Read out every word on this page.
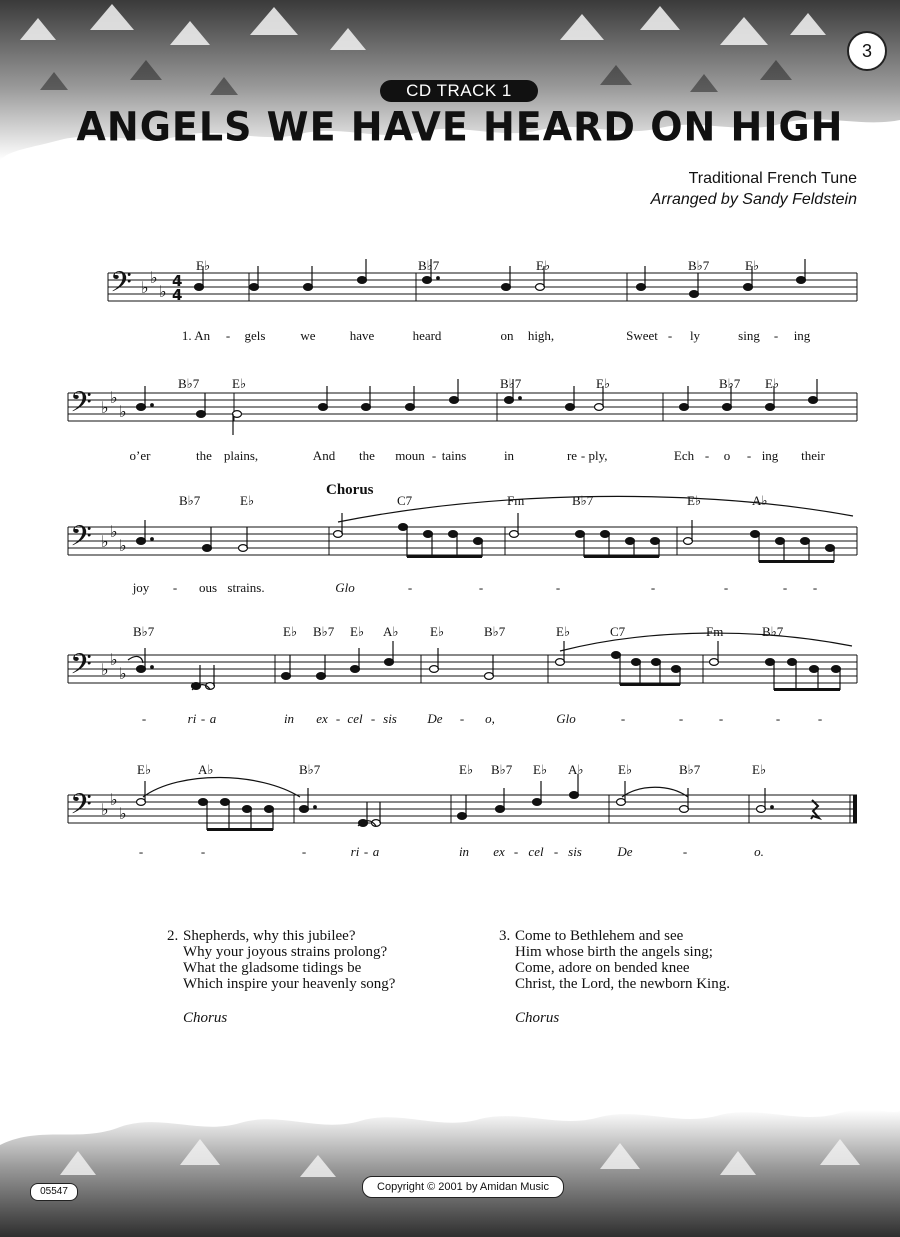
3
CD TRACK 1
ANGELS WE HAVE HEARD ON HIGH
Traditional French Tune
Arranged by Sandy Feldstein
𝄢
𝄢
𝄢
𝄢
𝄢
♭
♭
♭
♭
♭
♭
♭
♭
♭
♭
♭
♭
♭
♭
♭
4
4
E♭	B♭7	E♭	B♭7	E♭
B♭7	E♭	B♭7	E♭	B♭7 E♭
B♭7	E♭	C7	Fm	B♭7	E♭	A♭
B♭7	E♭ B♭7 E♭ A♭ E♭	B♭7	E♭	C7	Fm	B♭7
E♭	A♭	B♭7	E♭ B♭7 E♭ A♭	E♭	B♭7	E♭
Chorus
1. An - gels	we	have	heard	on high,	Sweet - ly	sing - ing
o’er	the plains,	And the moun - tains	in	re - ply,	Ech - o - ing their
joy - ous strains.	Glo	-	-	-	-	-	- -
-	ri - a	in ex - cel - sis De - o,	Glo	-	-	-	-	-
-	-	-	ri - a	in ex - cel - sis	De	-	o.
2. Shepherds, why this jubilee?
Why your joyous strains prolong?
What the gladsome tidings be
Which inspire your heavenly song?
Chorus
3. Come to Bethlehem and see
Him whose birth the angels sing;
Come, adore on bended knee
Christ, the Lord, the newborn King.
Chorus
05547	Copyright © 2001 by Amidan Music
